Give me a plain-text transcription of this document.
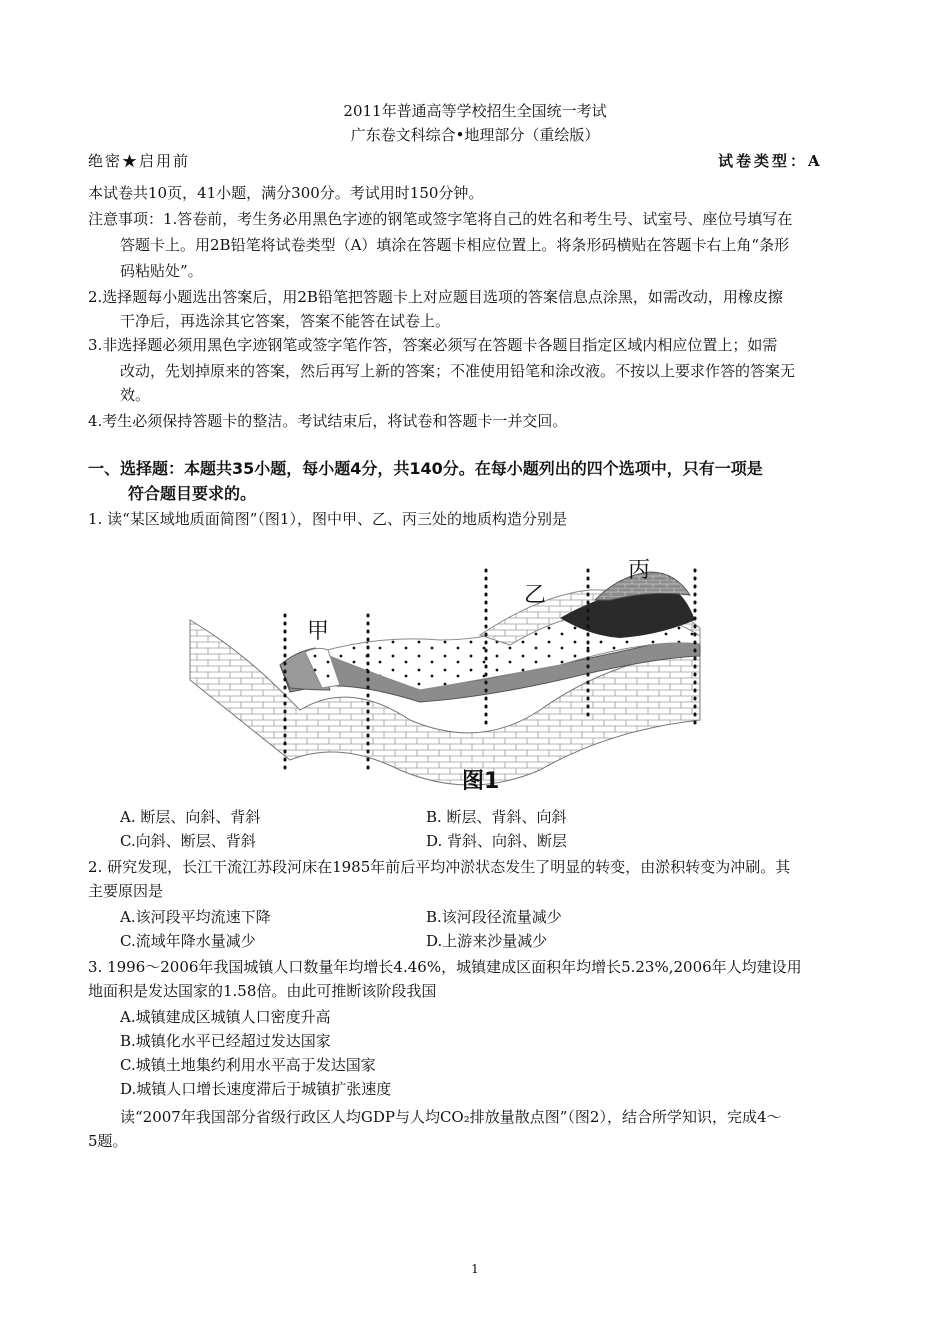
2011年普通高等学校招生全国统一考试
广东卷文科综合•地理部分（重绘版）
绝密★启用前	试卷类型：A
本试卷共10页，41小题，满分300分。考试用时150分钟。
注意事项：1.答卷前，考生务必用黑色字迹的钢笔或签字笔将自己的姓名和考生号、试室号、座位号填写在
答题卡上。用2B铅笔将试卷类型（A）填涂在答题卡相应位置上。将条形码横贴在答题卡右上角“条形
码粘贴处”。
2.选择题每小题选出答案后，用2B铅笔把答题卡上对应题目选项的答案信息点涂黑，如需改动，用橡皮擦
干净后，再选涂其它答案，答案不能答在试卷上。
3.非选择题必须用黑色字迹钢笔或签字笔作答，答案必须写在答题卡各题目指定区域内相应位置上；如需
改动，先划掉原来的答案，然后再写上新的答案；不准使用铅笔和涂改液。不按以上要求作答的答案无
效。
4.考生必须保持答题卡的整洁。考试结束后，将试卷和答题卡一并交回。
一、选择题：本题共35小题，每小题4分，共140分。在每小题列出的四个选项中，只有一项是
符合题目要求的。
1. 读“某区域地质面简图”（图1），图中甲、乙、丙三处的地质构造分别是
甲
乙
丙
图1
A. 断层、向斜、背斜	B. 断层、背斜、向斜
C.向斜、断层、背斜	D. 背斜、向斜、断层
2. 研究发现，长江干流江苏段河床在1985年前后平均冲淤状态发生了明显的转变，由淤积转变为冲刷。其
主要原因是
A.该河段平均流速下降	B.该河段径流量减少
C.流域年降水量减少	D.上游来沙量减少
3. 1996～2006年我国城镇人口数量年均增长4.46%，城镇建成区面积年均增长5.23%,2006年人均建设用
地面积是发达国家的1.58倍。由此可推断该阶段我国
A.城镇建成区城镇人口密度升高
B.城镇化水平已经超过发达国家
C.城镇土地集约利用水平高于发达国家
D.城镇人口增长速度滞后于城镇扩张速度
读“2007年我国部分省级行政区人均GDP与人均CO₂排放量散点图”（图2），结合所学知识，完成4～
5题。
1
